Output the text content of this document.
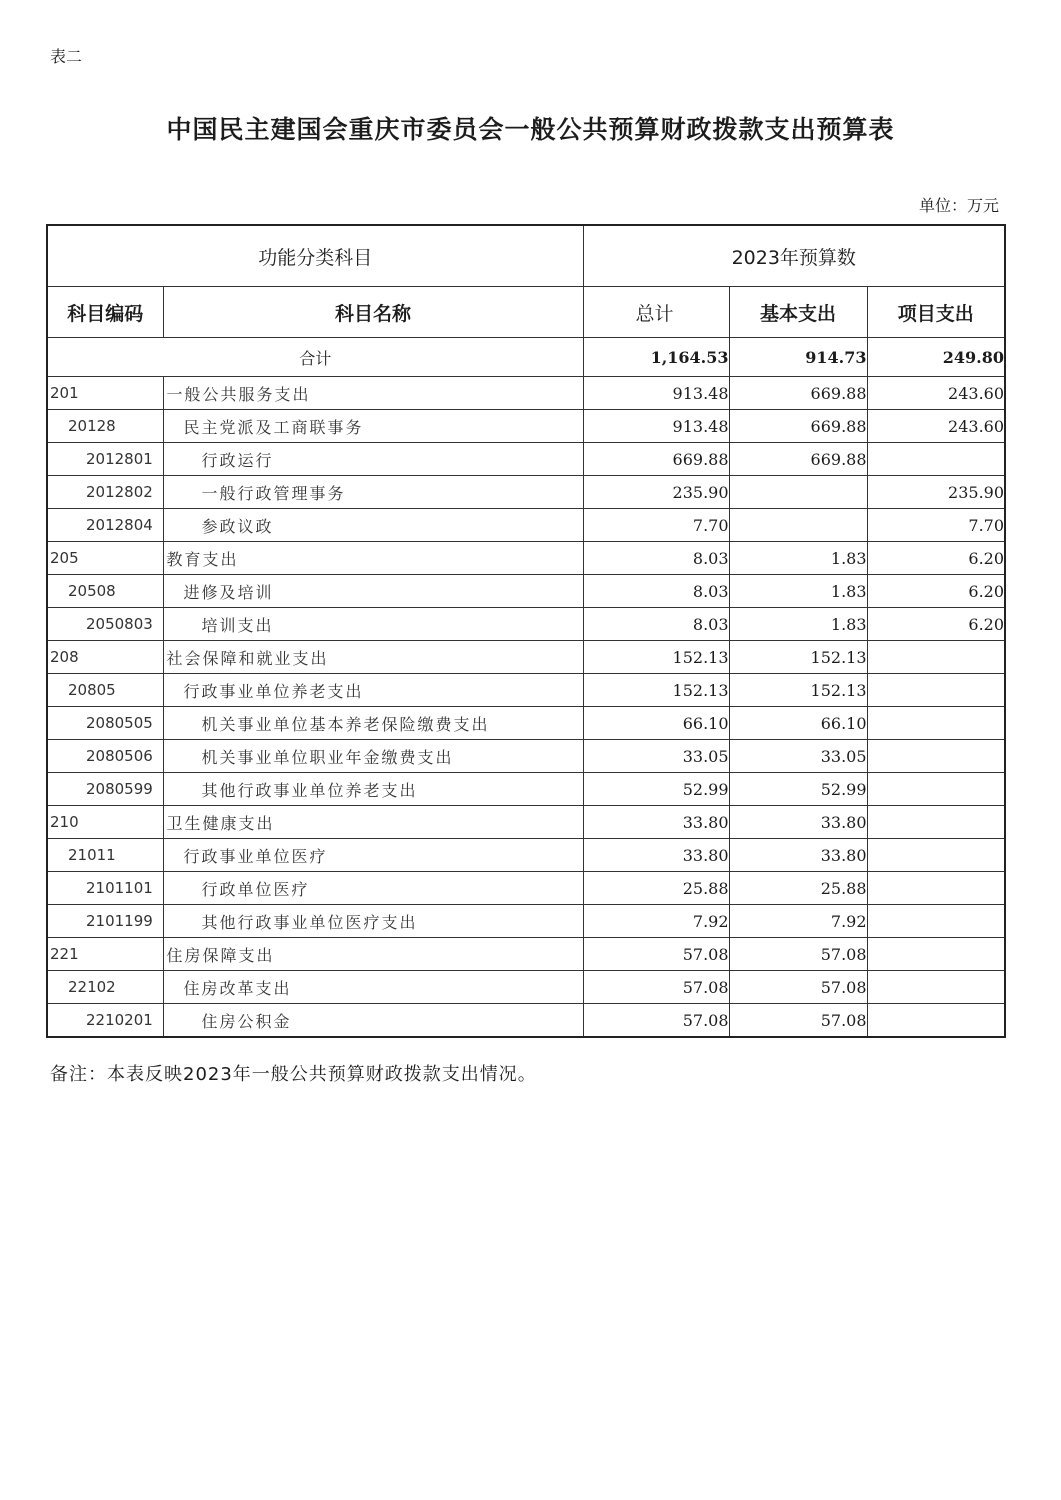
表二
中国民主建国会重庆市委员会一般公共预算财政拨款支出预算表
单位：万元
功能分类科目		2023年预算数		
科目编码	科目名称	总计	基本支出	项目支出
合计		1,164.53	914.73	249.80
201	一般公共服务支出	913.48	669.88	243.60
20128	民主党派及工商联事务	913.48	669.88	243.60
2012801	行政运行	669.88	669.88	
2012802	一般行政管理事务	235.90		235.90
2012804	参政议政	7.70		7.70
205	教育支出	8.03	1.83	6.20
20508	进修及培训	8.03	1.83	6.20
2050803	培训支出	8.03	1.83	6.20
208	社会保障和就业支出	152.13	152.13	
20805	行政事业单位养老支出	152.13	152.13	
2080505	机关事业单位基本养老保险缴费支出	66.10	66.10	
2080506	机关事业单位职业年金缴费支出	33.05	33.05	
2080599	其他行政事业单位养老支出	52.99	52.99	
210	卫生健康支出	33.80	33.80	
21011	行政事业单位医疗	33.80	33.80	
2101101	行政单位医疗	25.88	25.88	
2101199	其他行政事业单位医疗支出	7.92	7.92	
221	住房保障支出	57.08	57.08	
22102	住房改革支出	57.08	57.08	
2210201	住房公积金	57.08	57.08	
备注：本表反映2023年一般公共预算财政拨款支出情况。
